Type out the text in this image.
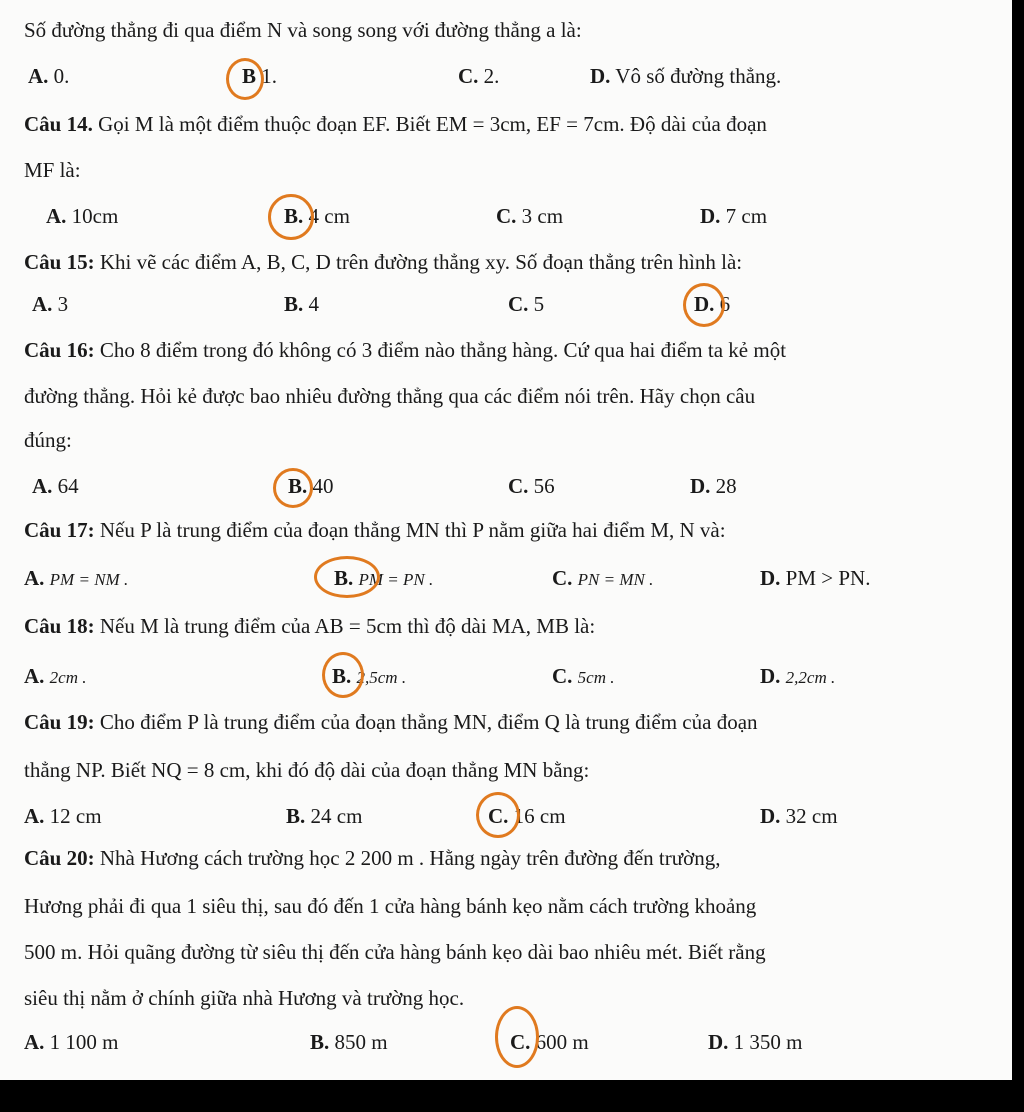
Số đường thẳng đi qua điểm N và song song với đường thẳng a là:
A. 0.	B 1.	C. 2.	D. Vô số đường thẳng.
Câu 14. Gọi M là một điểm thuộc đoạn EF. Biết EM = 3cm, EF = 7cm. Độ dài của đoạn
MF là:
A. 10cm	B. 4 cm	C. 3 cm	D. 7 cm
Câu 15: Khi vẽ các điểm A, B, C, D trên đường thẳng xy. Số đoạn thẳng trên hình là:
A. 3	B. 4	C. 5	D. 6
Câu 16: Cho 8 điểm trong đó không có 3 điểm nào thẳng hàng. Cứ qua hai điểm ta kẻ một
đường thẳng. Hỏi kẻ được bao nhiêu đường thẳng qua các điểm nói trên. Hãy chọn câu
đúng:
A. 64	B. 40	C. 56	D. 28
Câu 17: Nếu P là trung điểm của đoạn thẳng MN thì P nằm giữa hai điểm M, N và:
A. PM = NM .	B. PM = PN .	C. PN = MN .	D. PM > PN.
Câu 18: Nếu M là trung điểm của AB = 5cm thì độ dài MA, MB là:
A. 2cm .	B. 2,5cm .	C. 5cm .	D. 2,2cm .
Câu 19: Cho điểm P là trung điểm của đoạn thẳng MN, điểm Q là trung điểm của đoạn
thẳng NP. Biết NQ = 8 cm, khi đó độ dài của đoạn thẳng MN bằng:
A. 12 cm	B. 24 cm	C. 16 cm	D. 32 cm
Câu 20: Nhà Hương cách trường học 2 200 m . Hằng ngày trên đường đến trường,
Hương phải đi qua 1 siêu thị, sau đó đến 1 cửa hàng bánh kẹo nằm cách trường khoảng
500 m. Hỏi quãng đường từ siêu thị đến cửa hàng bánh kẹo dài bao nhiêu mét. Biết rằng
siêu thị nằm ở chính giữa nhà Hương và trường học.
A. 1 100 m	B. 850 m	C. 600 m	D. 1 350 m
